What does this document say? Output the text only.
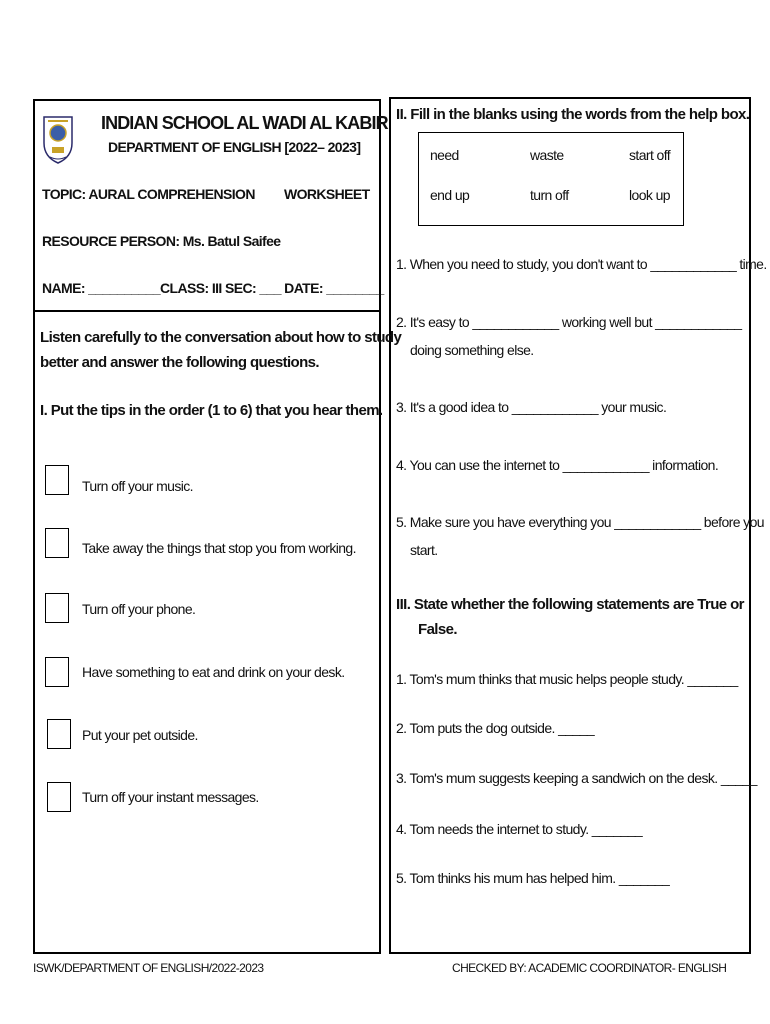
INDIAN SCHOOL AL WADI AL KABIR
DEPARTMENT OF ENGLISH [2022– 2023]
TOPIC: AURAL COMPREHENSION WORKSHEET
RESOURCE PERSON: Ms. Batul Saifee
NAME: __________CLASS: III SEC: ___ DATE: ________
Listen carefully to the conversation about how to study
better and answer the following questions.
I. Put the tips in the order (1 to 6) that you hear them.
Turn off your music.
Take away the things that stop you from working.
Turn off your phone.
Have something to eat and drink on your desk.
Put your pet outside.
Turn off your instant messages.
II. Fill in the blanks using the words from the help box.
need	waste	start off
end up	turn off	look up
1. When you need to study, you don't want to ____________ time.
2. It's easy to ____________ working well but ____________
doing something else.
3. It's a good idea to ____________ your music.
4. You can use the internet to ____________ information.
5. Make sure you have everything you ____________ before you
start.
III. State whether the following statements are True or
False.
1. Tom's mum thinks that music helps people study. _______
2. Tom puts the dog outside. _____
3. Tom's mum suggests keeping a sandwich on the desk. _____
4. Tom needs the internet to study. _______
5. Tom thinks his mum has helped him. _______
ISWK/DEPARTMENT OF ENGLISH/2022-2023	CHECKED BY: ACADEMIC COORDINATOR- ENGLISH
